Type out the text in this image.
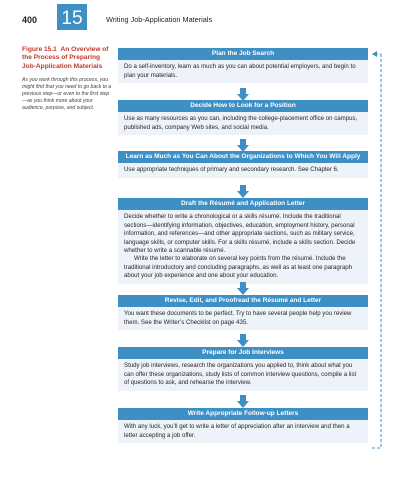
400 15	Writing Job-Application Materials

Figure 15.1 An Overview of the Process of Preparing Job-Application Materials

As you work through this process, you might find that you need to go back to a previous step—or even to the first step—as you think more about your audience, purpose, and subject.
Plan the Job Search

Do a self-inventory, learn as much as you can about potential employers, and begin to plan your materials.

Decide How to Look for a Position

Use as many resources as you can, including the college-placement office on campus, published ads, company Web sites, and social media.

Learn as Much as You Can About the Organizations to Which You Will Apply

Use appropriate techniques of primary and secondary research. See Chapter 6.

Draft the Résumé and Application Letter

Decide whether to write a chronological or a skills résumé. Include the traditional sections—identifying information, objectives, education, employment history, personal information, and references—and other appropriate sections, such as military service, language skills, or computer skills. For a skills résumé, include a skills section. Decide whether to write a scannable résumé.

Write the letter to elaborate on several key points from the résumé. Include the traditional introductory and concluding paragraphs, as well as at least one paragraph about your job experience and one about your education.

Revise, Edit, and Proofread the Résumé and Letter

You want these documents to be perfect. Try to have several people help you review them. See the Writer’s Checklist on page 435.

Prepare for Job Interviews

Study job interviews, research the organizations you applied to, think about what you can offer these organizations, study lists of common interview questions, compile a list of questions to ask, and rehearse the interview.

Write Appropriate Follow-up Letters

With any luck, you’ll get to write a letter of appreciation after an interview and then a letter accepting a job offer.
